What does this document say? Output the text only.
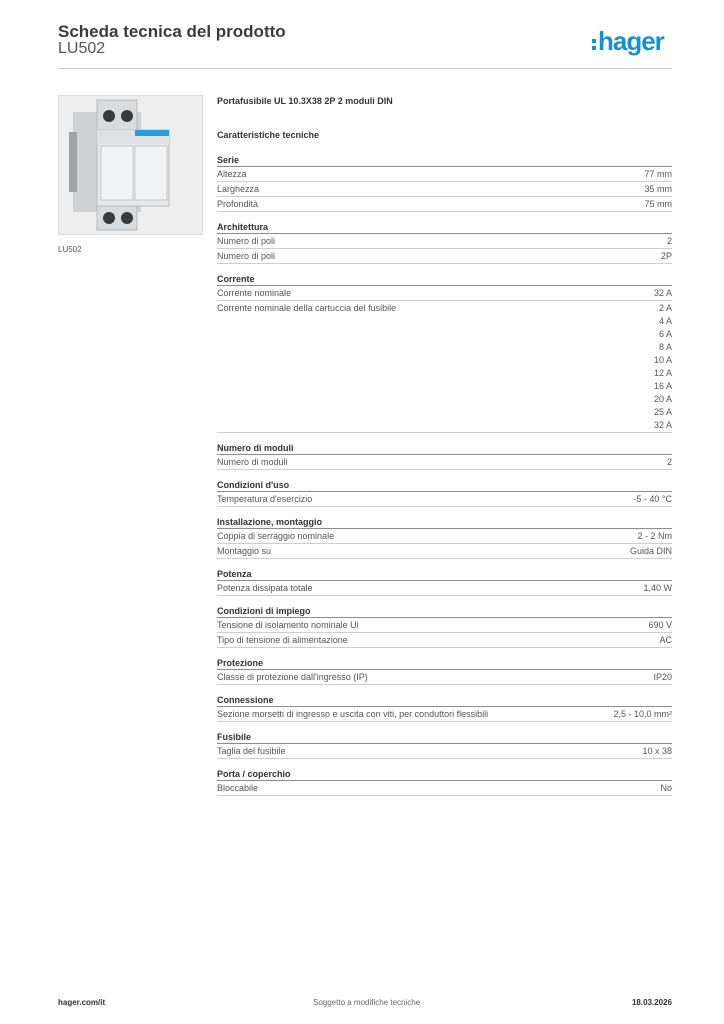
Scheda tecnica del prodotto
LU502	hager
LU502
Portafusibile UL 10.3X38 2P 2 moduli DIN
Caratteristiche tecniche
Serie
Altezza	77 mm
Larghezza	35 mm
Profondità	75 mm
Architettura
Numero di poli	2
Numero di poli	2P
Corrente
Corrente nominale	32 A
Corrente nominale della cartuccia del fusibile	2 A
4 A
6 A
8 A
10 A
12 A
16 A
20 A
25 A
32 A
Numero di moduli
Numero di moduli	2
Condizioni d'uso
Temperatura d'esercizio	-5 - 40 °C
Installazione, montaggio
Coppia di serraggio nominale	2 - 2 Nm
Montaggio su	Guida DIN
Potenza
Potenza dissipata totale	1,40 W
Condizioni di impiego
Tensione di isolamento nominale Ui	690 V
Tipo di tensione di alimentazione	AC
Protezione
Classe di protezione dall'ingresso (IP)	IP20
Connessione
Sezione morsetti di ingresso e uscita con viti, per conduttori flessibili	2,5 - 10,0 mm²
Fusibile
Taglia del fusibile	10 x 38
Porta / coperchio
Bloccabile	No
hager.com/it	Soggetto a modifiche tecniche	18.03.2026
